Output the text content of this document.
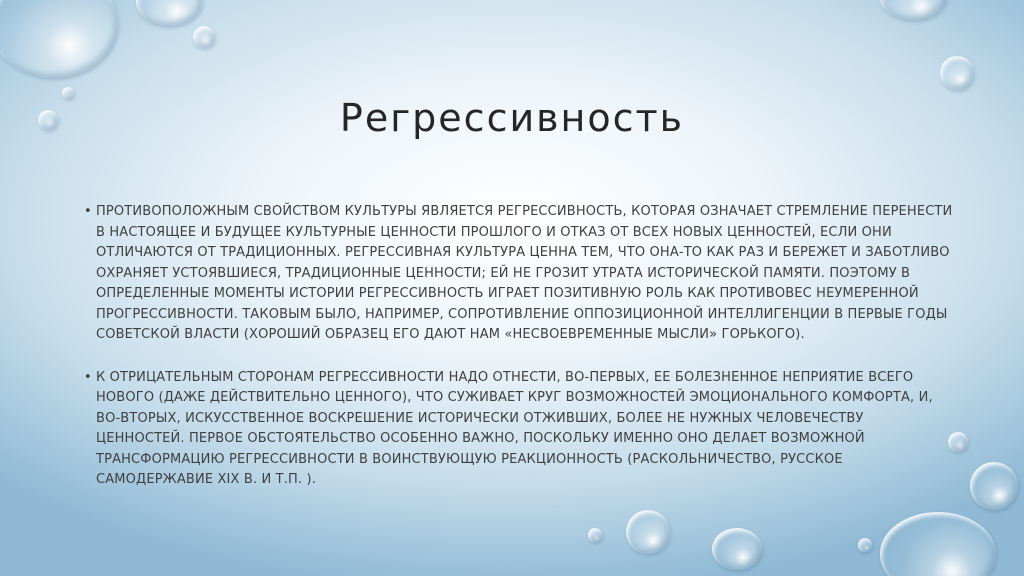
Регрессивность
• ПРОТИВОПОЛОЖНЫМ СВОЙСТВОМ КУЛЬТУРЫ ЯВЛЯЕТСЯ РЕГРЕССИВНОСТЬ, КОТОРАЯ ОЗНАЧАЕТ СТРЕМЛЕНИЕ ПЕРЕНЕСТИ В НАСТОЯЩЕЕ И БУДУЩЕЕ КУЛЬТУРНЫЕ ЦЕННОСТИ ПРОШЛОГО И ОТКАЗ ОТ ВСЕХ НОВЫХ ЦЕННОСТЕЙ, ЕСЛИ ОНИ ОТЛИЧАЮТСЯ ОТ ТРАДИЦИОННЫХ. РЕГРЕССИВНАЯ КУЛЬТУРА ЦЕННА ТЕМ, ЧТО ОНА-ТО КАК РАЗ И БЕРЕЖЕТ И ЗАБОТЛИВО ОХРАНЯЕТ УСТОЯВШИЕСЯ, ТРАДИЦИОННЫЕ ЦЕННОСТИ; ЕЙ НЕ ГРОЗИТ УТРАТА ИСТОРИЧЕСКОЙ ПАМЯТИ. ПОЭТОМУ В ОПРЕДЕЛЕННЫЕ МОМЕНТЫ ИСТОРИИ РЕГРЕССИВНОСТЬ ИГРАЕТ ПОЗИТИВНУЮ РОЛЬ КАК ПРОТИВОВЕС НЕУМЕРЕННОЙ ПРОГРЕССИВНОСТИ. ТАКОВЫМ БЫЛО, НАПРИМЕР, СОПРОТИВЛЕНИЕ ОППОЗИЦИОННОЙ ИНТЕЛЛИГЕНЦИИ В ПЕРВЫЕ ГОДЫ СОВЕТСКОЙ ВЛАСТИ (ХОРОШИЙ ОБРАЗЕЦ ЕГО ДАЮТ НАМ «НЕСВОЕВРЕМЕННЫЕ МЫСЛИ» ГОРЬКОГО).
• К ОТРИЦАТЕЛЬНЫМ СТОРОНАМ РЕГРЕССИВНОСТИ НАДО ОТНЕСТИ, ВО-ПЕРВЫХ, ЕЕ БОЛЕЗНЕННОЕ НЕПРИЯТИЕ ВСЕГО НОВОГО (ДАЖЕ ДЕЙСТВИТЕЛЬНО ЦЕННОГО), ЧТО СУЖИВАЕТ КРУГ ВОЗМОЖНОСТЕЙ ЭМОЦИОНАЛЬНОГО КОМФОРТА, И, ВО-ВТОРЫХ, ИСКУССТВЕННОЕ ВОСКРЕШЕНИЕ ИСТОРИЧЕСКИ ОТЖИВШИХ, БОЛЕЕ НЕ НУЖНЫХ ЧЕЛОВЕЧЕСТВУ ЦЕННОСТЕЙ. ПЕРВОЕ ОБСТОЯТЕЛЬСТВО ОСОБЕННО ВАЖНО, ПОСКОЛЬКУ ИМЕННО ОНО ДЕЛАЕТ ВОЗМОЖНОЙ ТРАНСФОРМАЦИЮ РЕГРЕССИВНОСТИ В ВОИНСТВУЮЩУЮ РЕАКЦИОННОСТЬ (РАСКОЛЬНИЧЕСТВО, РУССКОЕ САМОДЕРЖАВИЕ XIX В. И Т.П. ).
